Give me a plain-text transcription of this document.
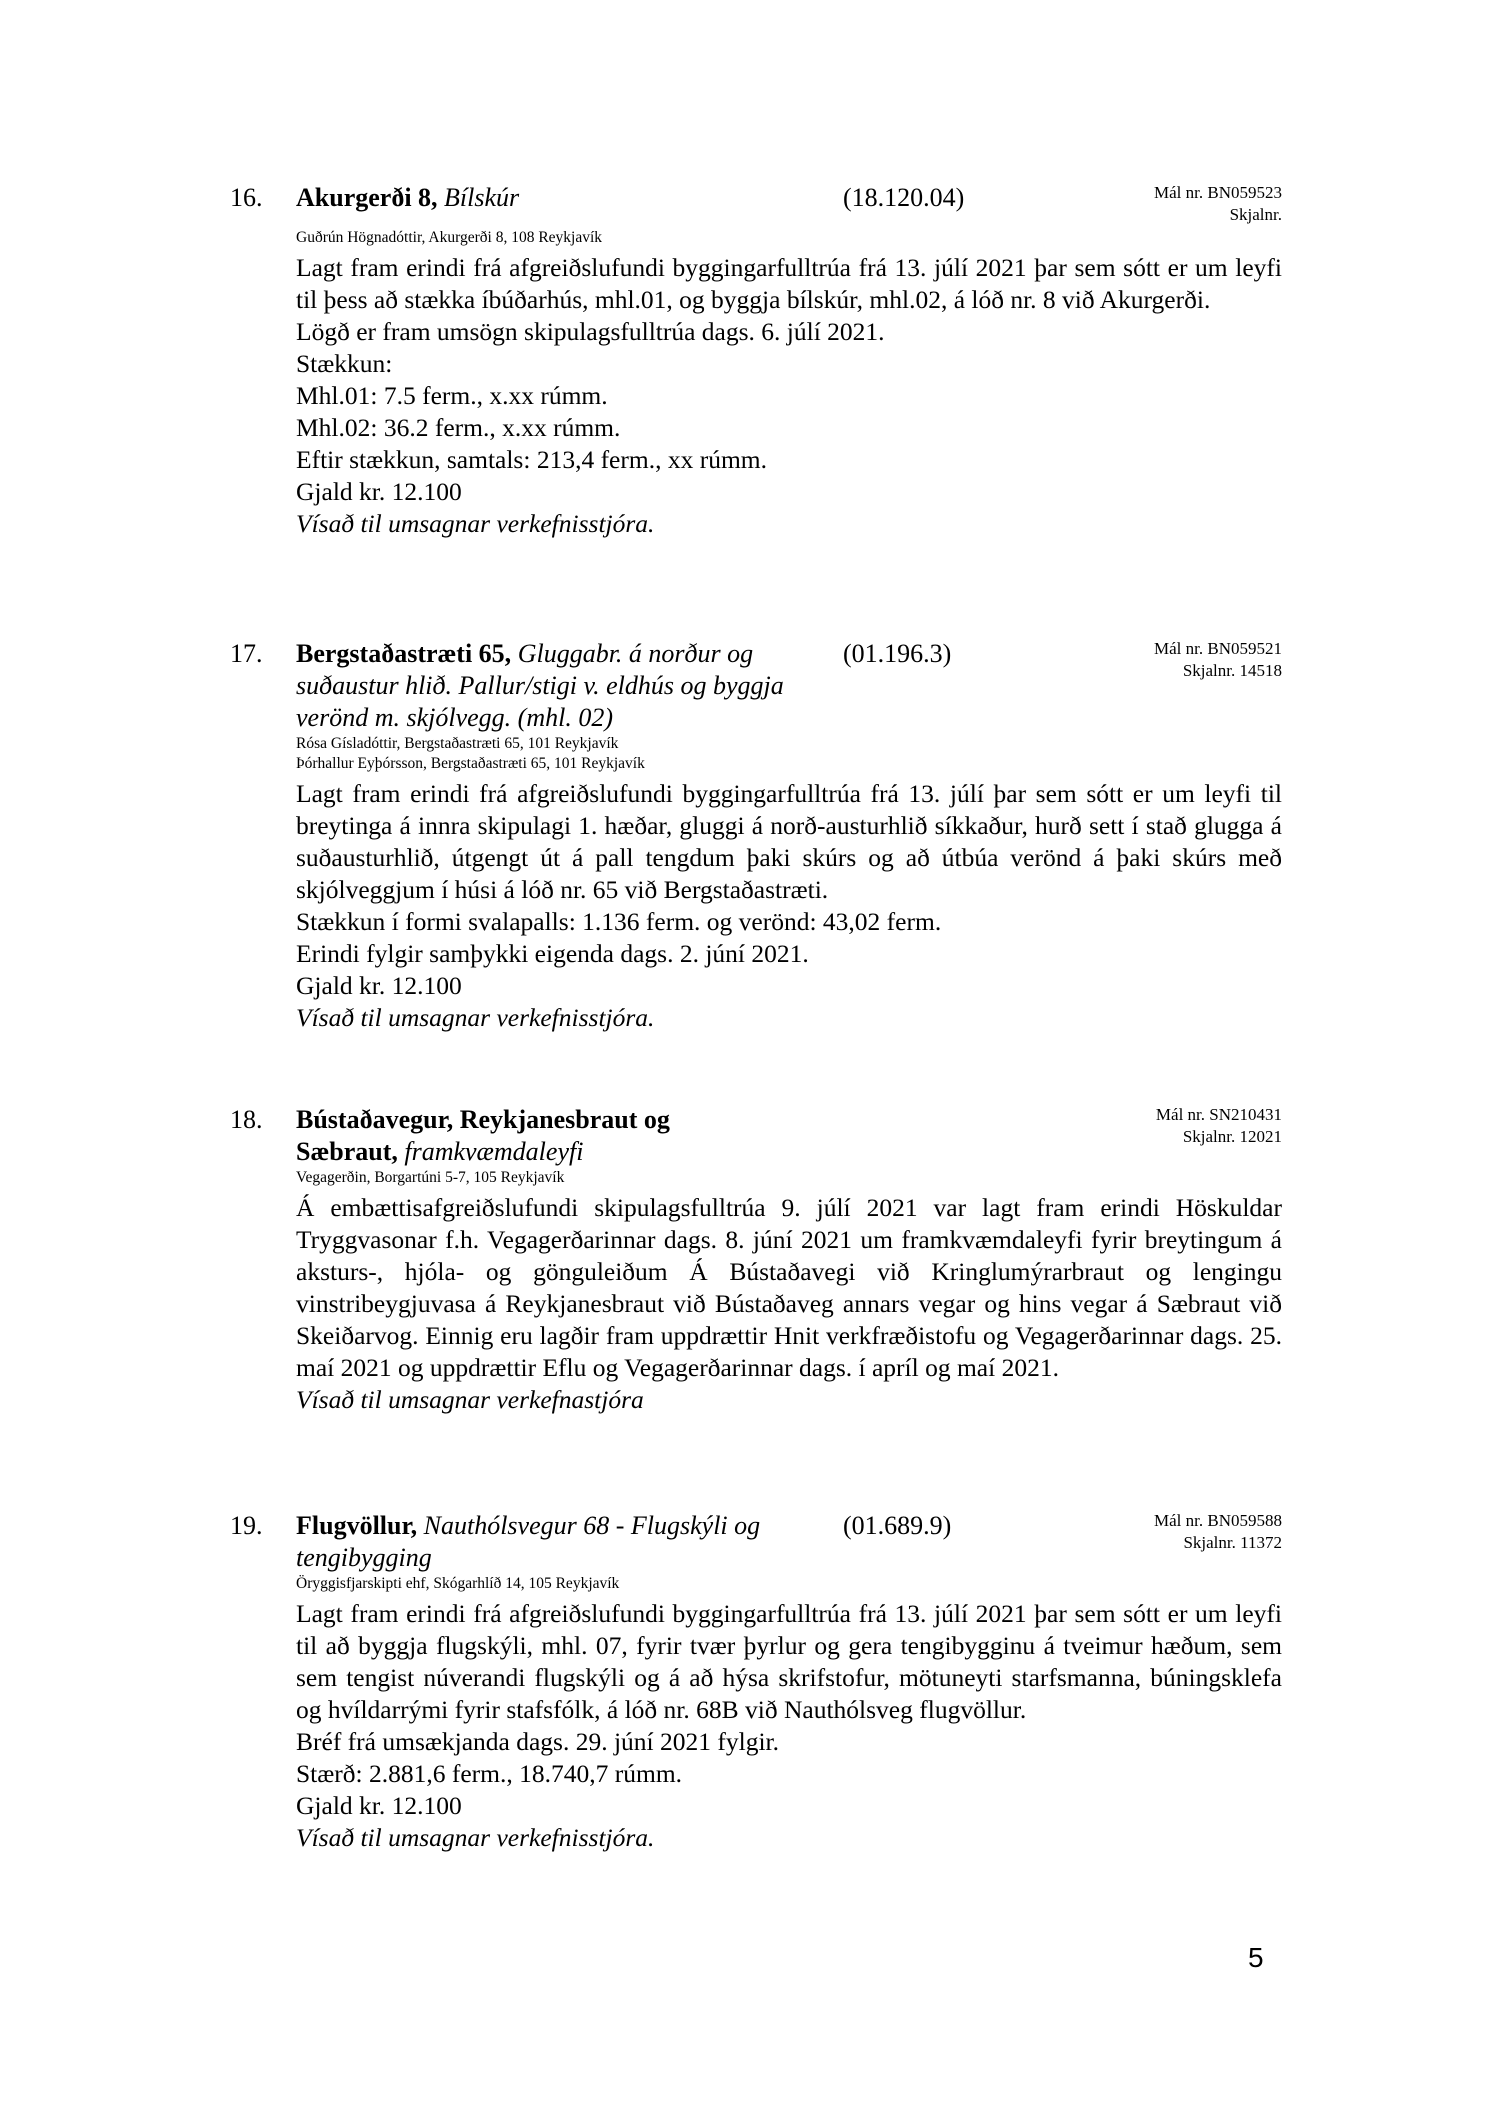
16. Akurgerði 8, Bílskúr	(18.120.04)	Mál nr. BN059523
Skjalnr.
Guðrún Högnadóttir, Akurgerði 8, 108 Reykjavík

Lagt fram erindi frá afgreiðslufundi byggingarfulltrúa frá 13. júlí 2021 þar sem sótt er um leyfi til þess að stækka íbúðarhús, mhl.01, og byggja bílskúr, mhl.02, á lóð nr. 8 við Akurgerði.

Lögð er fram umsögn skipulagsfulltrúa dags. 6. júlí 2021.

Stækkun:

Mhl.01: 7.5 ferm., x.xx rúmm.

Mhl.02: 36.2 ferm., x.xx rúmm.

Eftir stækkun, samtals: 213,4 ferm., xx rúmm.

Gjald kr. 12.100

Vísað til umsagnar verkefnisstjóra.

17. Bergstaðastræti 65, Gluggabr. á norður og suðaustur hlið. Pallur/stigi v. eldhús og byggja verönd m. skjólvegg. (mhl. 02)
(01.196.3)	Mál nr. BN059521
Skjalnr. 14518
Rósa Gísladóttir, Bergstaðastræti 65, 101 Reykjavík
Þórhallur Eyþórsson, Bergstaðastræti 65, 101 Reykjavík

Lagt fram erindi frá afgreiðslufundi byggingarfulltrúa frá 13. júlí þar sem sótt er um leyfi til breytinga á innra skipulagi 1. hæðar, gluggi á norð-austurhlið síkkaður, hurð sett í stað glugga á suðausturhlið, útgengt út á pall tengdum þaki skúrs og að útbúa verönd á þaki skúrs með skjólveggjum í húsi á lóð nr. 65 við Bergstaðastræti.

Stækkun í formi svalapalls: 1.136 ferm. og verönd: 43,02 ferm.

Erindi fylgir samþykki eigenda dags. 2. júní 2021.

Gjald kr. 12.100

Vísað til umsagnar verkefnisstjóra.

18. Bústaðavegur, Reykjanesbraut og Sæbraut, framkvæmdaleyfi
Mál nr. SN210431
Skjalnr. 12021
Vegagerðin, Borgartúni 5-7, 105 Reykjavík

Á embættisafgreiðslufundi skipulagsfulltrúa 9. júlí 2021 var lagt fram erindi Höskuldar Tryggvasonar f.h. Vegagerðarinnar dags. 8. júní 2021 um framkvæmdaleyfi fyrir breytingum á aksturs-, hjóla- og gönguleiðum Á Bústaðavegi við Kringlumýrarbraut og lengingu vinstribeygjuvasa á Reykjanesbraut við Bústaðaveg annars vegar og hins vegar á Sæbraut við Skeiðarvog. Einnig eru lagðir fram uppdrættir Hnit verkfræðistofu og Vegagerðarinnar dags. 25. maí 2021 og uppdrættir Eflu og Vegagerðarinnar dags. í apríl og maí 2021.

Vísað til umsagnar verkefnastjóra

19. Flugvöllur, Nauthólsvegur 68 - Flugskýli og tengibygging
(01.689.9)	Mál nr. BN059588
Skjalnr. 11372
Öryggisfjarskipti ehf, Skógarhlíð 14, 105 Reykjavík

Lagt fram erindi frá afgreiðslufundi byggingarfulltrúa frá 13. júlí 2021 þar sem sótt er um leyfi til að byggja flugskýli, mhl. 07, fyrir tvær þyrlur og gera tengibygginu á tveimur hæðum, sem sem tengist núverandi flugskýli og á að hýsa skrifstofur, mötuneyti starfsmanna, búningsklefa og hvíldarrými fyrir stafsfólk, á lóð nr. 68B við Nauthólsveg flugvöllur.

Bréf frá umsækjanda dags. 29. júní 2021 fylgir.

Stærð: 2.881,6 ferm., 18.740,7 rúmm.

Gjald kr. 12.100

Vísað til umsagnar verkefnisstjóra.

5
